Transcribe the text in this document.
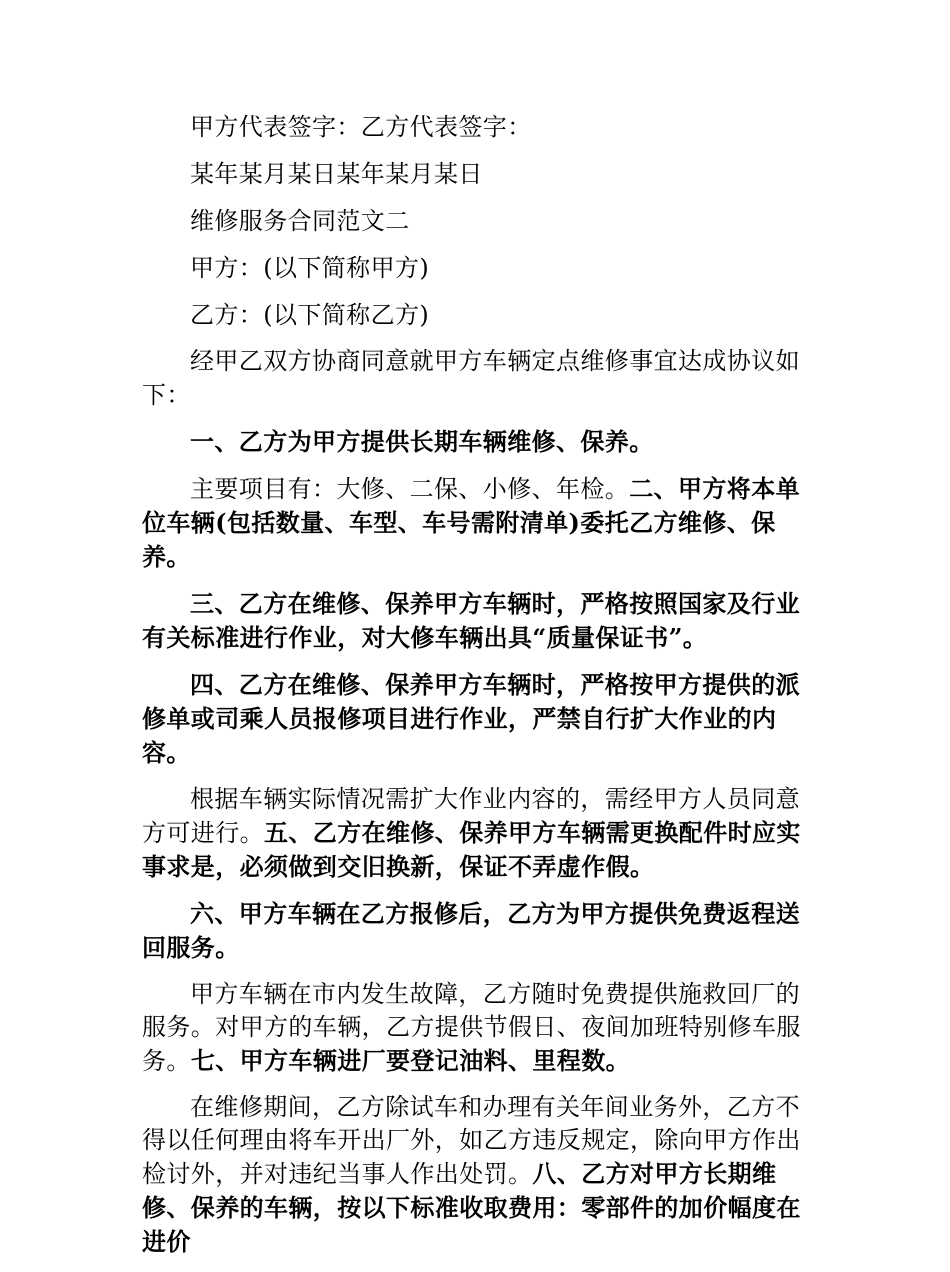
甲方代表签字：乙方代表签字：

某年某月某日某年某月某日

维修服务合同范文二

甲方：(以下简称甲方)

乙方：(以下简称乙方)

经甲乙双方协商同意就甲方车辆定点维修事宜达成协议如下：

一、乙方为甲方提供长期车辆维修、保养。

主要项目有：大修、二保、小修、年检。二、甲方将本单位车辆(包括数量、车型、车号需附清单)委托乙方维修、保养。

三、乙方在维修、保养甲方车辆时，严格按照国家及行业有关标准进行作业，对大修车辆出具“质量保证书”。

四、乙方在维修、保养甲方车辆时，严格按甲方提供的派修单或司乘人员报修项目进行作业，严禁自行扩大作业的内容。

根据车辆实际情况需扩大作业内容的，需经甲方人员同意方可进行。五、乙方在维修、保养甲方车辆需更换配件时应实事求是，必须做到交旧换新，保证不弄虚作假。

六、甲方车辆在乙方报修后，乙方为甲方提供免费返程送回服务。

甲方车辆在市内发生故障，乙方随时免费提供施救回厂的服务。对甲方的车辆，乙方提供节假日、夜间加班特别修车服务。七、甲方车辆进厂要登记油料、里程数。

在维修期间，乙方除试车和办理有关年间业务外，乙方不得以任何理由将车开出厂外，如乙方违反规定，除向甲方作出检讨外，并对违纪当事人作出处罚。八、乙方对甲方长期维修、保养的车辆，按以下标准收取费用：零部件的加价幅度在进价
